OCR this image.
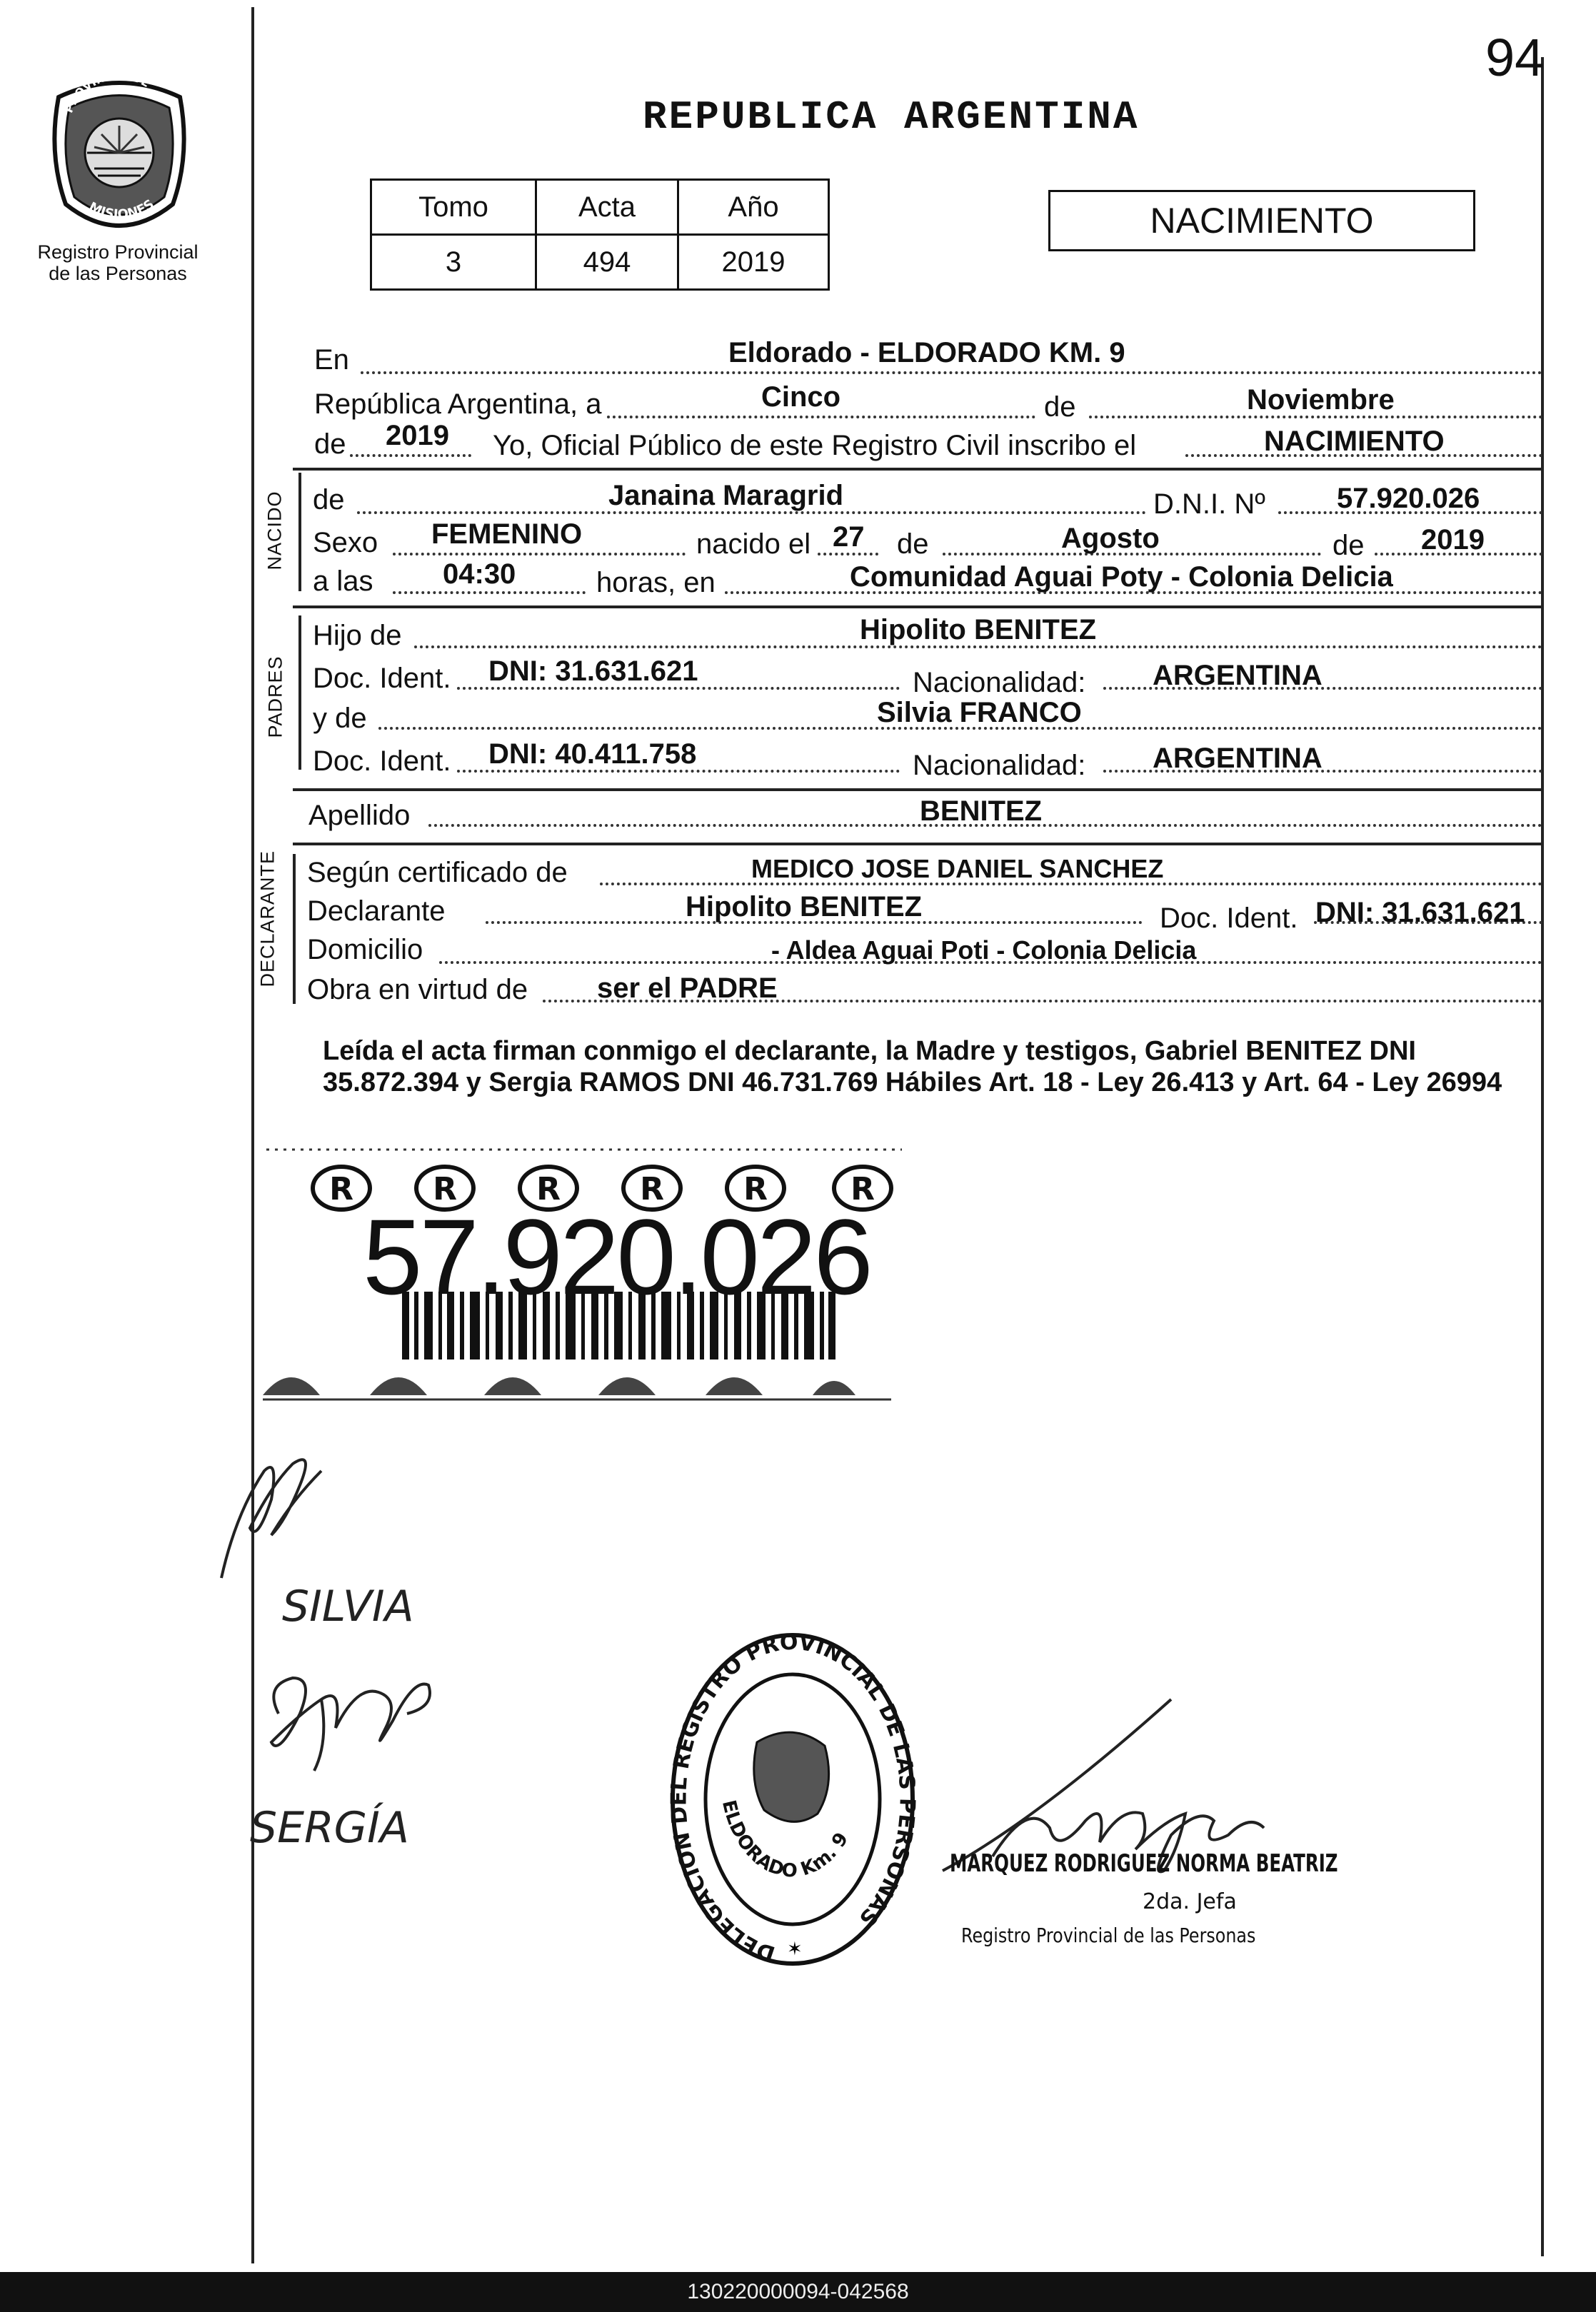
94
PROVINCIA DE
MISIONES
Registro Provincial
de las Personas
REPUBLICA ARGENTINA
Tomo	Acta	Año
3	494	2019
NACIMIENTO
En	Eldorado - ELDORADO KM. 9
República Argentina, a	Cinco	de	Noviembre
de 2019 Yo, Oficial Público de este Registro Civil inscribo el	NACIMIENTO
NACIDO de	Janaina Maragrid	D.N.I. Nº	57.920.026
Sexo FEMENINO	nacido el 27 de	Agosto	de 2019
a las 04:30	horas, en	Comunidad Aguai Poty - Colonia Delicia
PADRES
Hijo de	Hipolito BENITEZ
Doc. Ident. DNI: 31.631.621	Nacionalidad: ARGENTINA
y de	Silvia FRANCO
Doc. Ident. DNI: 40.411.758	Nacionalidad: ARGENTINA
Apellido	BENITEZ
DECLARANTE Según certificado de	MEDICO JOSE DANIEL SANCHEZ
Declarante	Hipolito BENITEZ	Doc. Ident. DNI: 31.631.621
Domicilio	- Aldea Aguai Poti - Colonia Delicia
Obra en virtud de ser el PADRE
Leída el acta firman conmigo el declarante, la Madre y testigos, Gabriel BENITEZ DNI 35.872.394 y Sergia RAMOS DNI 46.731.769 Hábiles Art. 18 - Ley 26.413 y Art. 64 - Ley 26994
R	R	R	R	R	R
57.920.026
SILVIA
SERGÍA
DELEGACION DEL REGISTRO PROVINCIAL DE LAS PERSONAS
ELDORADO Km. 9
✶
MARQUEZ RODRIGUEZ NORMA BEATRIZ
2da. Jefa
Registro Provincial de las Personas
130220000094-042568
